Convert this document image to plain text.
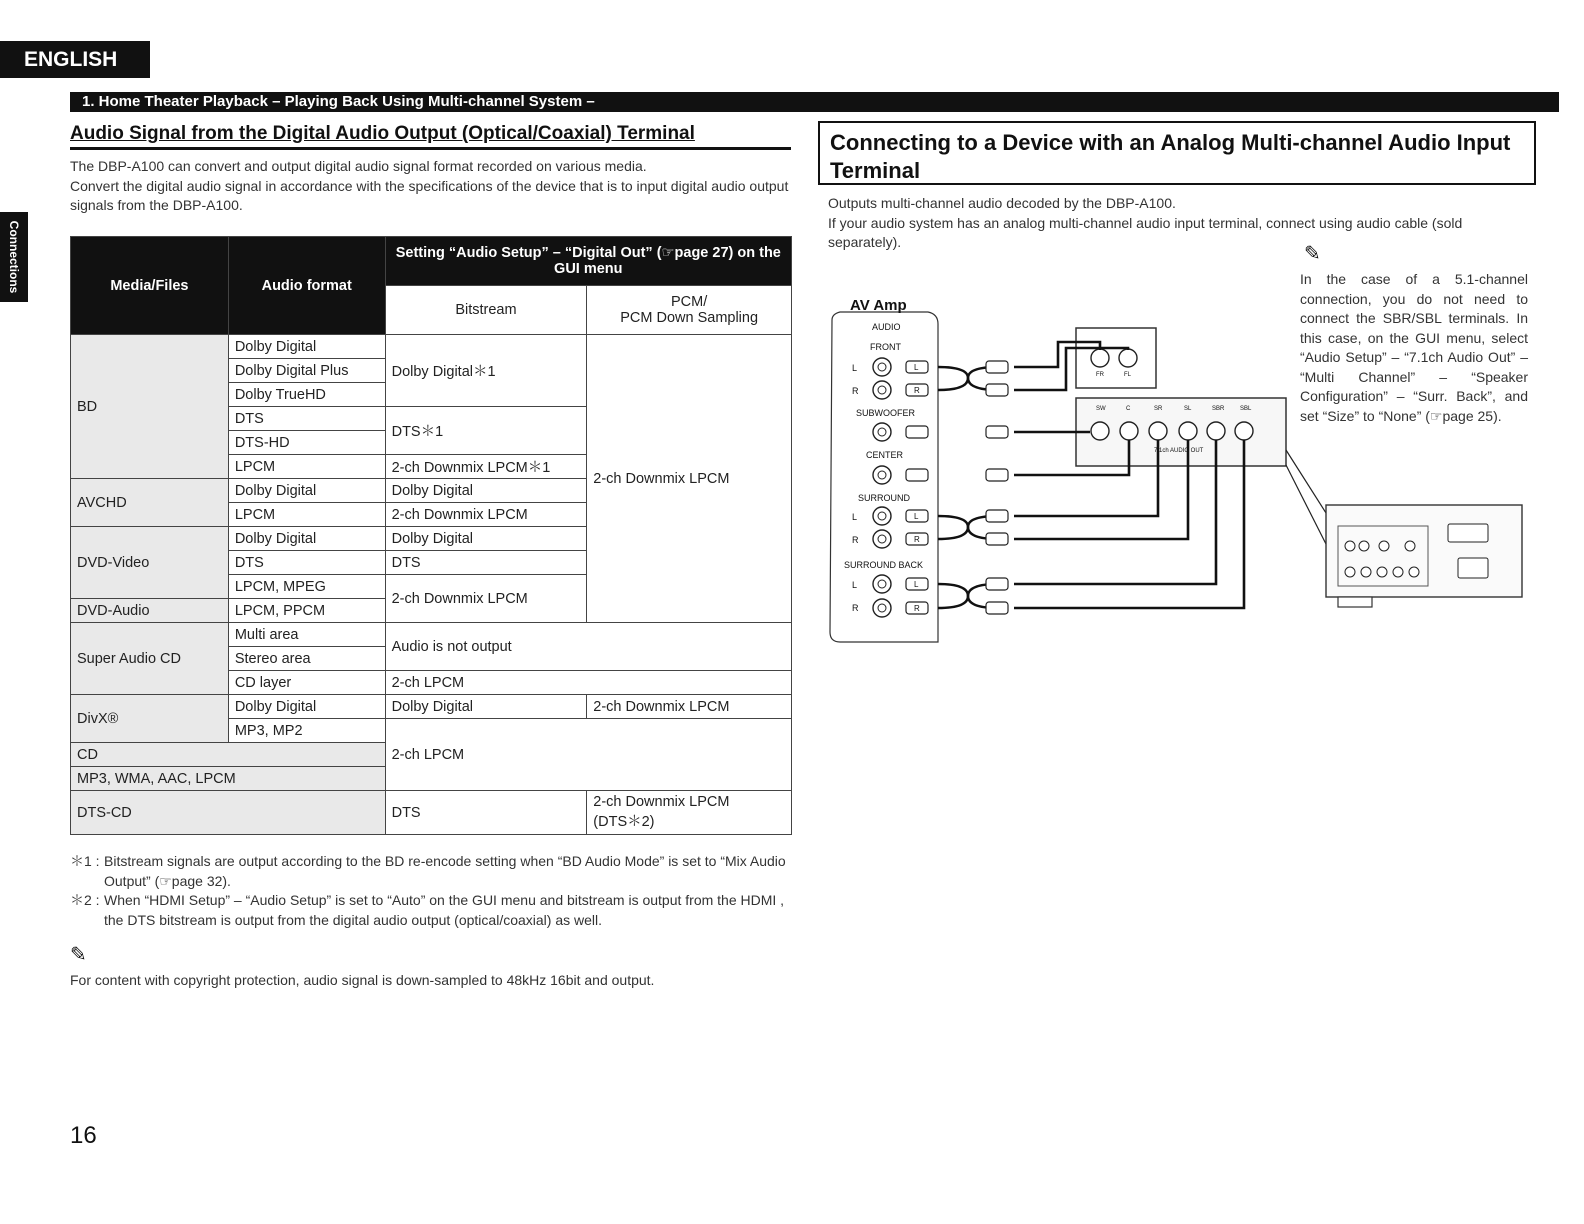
ENGLISH
Connections
1. Home Theater Playback – Playing Back Using Multi-channel System –
Audio Signal from the Digital Audio Output (Optical/Coaxial) Terminal
The DBP-A100 can convert and output digital audio signal format recorded on various media.
Convert the digital audio signal in accordance with the specifications of the device that is to input digital audio output signals from the DBP-A100.
Media/Files	Audio format	Setting “Audio Setup” – “Digital Out” (☞page 27) on the GUI menu	
		Bitstream	PCM/
PCM Down Sampling
BD	Dolby Digital	Dolby Digital＊1	2-ch Downmix LPCM
	Dolby Digital Plus		
	Dolby TrueHD		
	DTS	DTS＊1	
	DTS-HD		
	LPCM	2-ch Downmix LPCM＊1	
AVCHD	Dolby Digital	Dolby Digital	
	LPCM	2-ch Downmix LPCM	
DVD-Video	Dolby Digital	Dolby Digital	
	DTS	DTS	
	LPCM, MPEG	2-ch Downmix LPCM	
DVD-Audio	LPCM, PPCM		
Super Audio CD	Multi area	Audio is not output	
	Stereo area		
	CD layer	2-ch LPCM	
DivX®	Dolby Digital	Dolby Digital	2-ch Downmix LPCM
	MP3, MP2	2-ch LPCM	
CD			
MP3, WMA, AAC, LPCM			
DTS-CD		DTS	2-ch Downmix LPCM
(DTS＊2)
＊1 : Bitstream signals are output according to the BD re-encode setting when “BD Audio Mode” is set to “Mix Audio Output” (☞page 32).
＊2 : When “HDMI Setup” – “Audio Setup” is set to “Auto” on the GUI menu and bitstream is output from the HDMI , the DTS bitstream is output from the digital audio output (optical/coaxial) as well.
✎
For content with copyright protection, audio signal is down-sampled to 48kHz 16bit and output.
16
Connecting to a Device with an Analog Multi-channel Audio Input Terminal
Outputs multi-channel audio decoded by the DBP-A100.
If your audio system has an analog multi-channel audio input terminal, connect using audio cable (sold separately).
✎
In the case of a 5.1-channel connection, you do not need to connect the SBR/SBL terminals. In this case, on the GUI menu, select “Audio Setup” – “7.1ch Audio Out” – “Multi Channel” – “Speaker Configuration” – “Surr. Back”, and set “Size” to “None” (☞page 25).
AV Amp
AUDIO
FRONT
SUBWOOFER
CENTER
SURROUND
SURROUND BACK
L
R
L
R
L
R
L
R
L
R
L
R
FR	FL
SW	C	SR	SL	SBR	SBL
7.1ch AUDIO OUT
